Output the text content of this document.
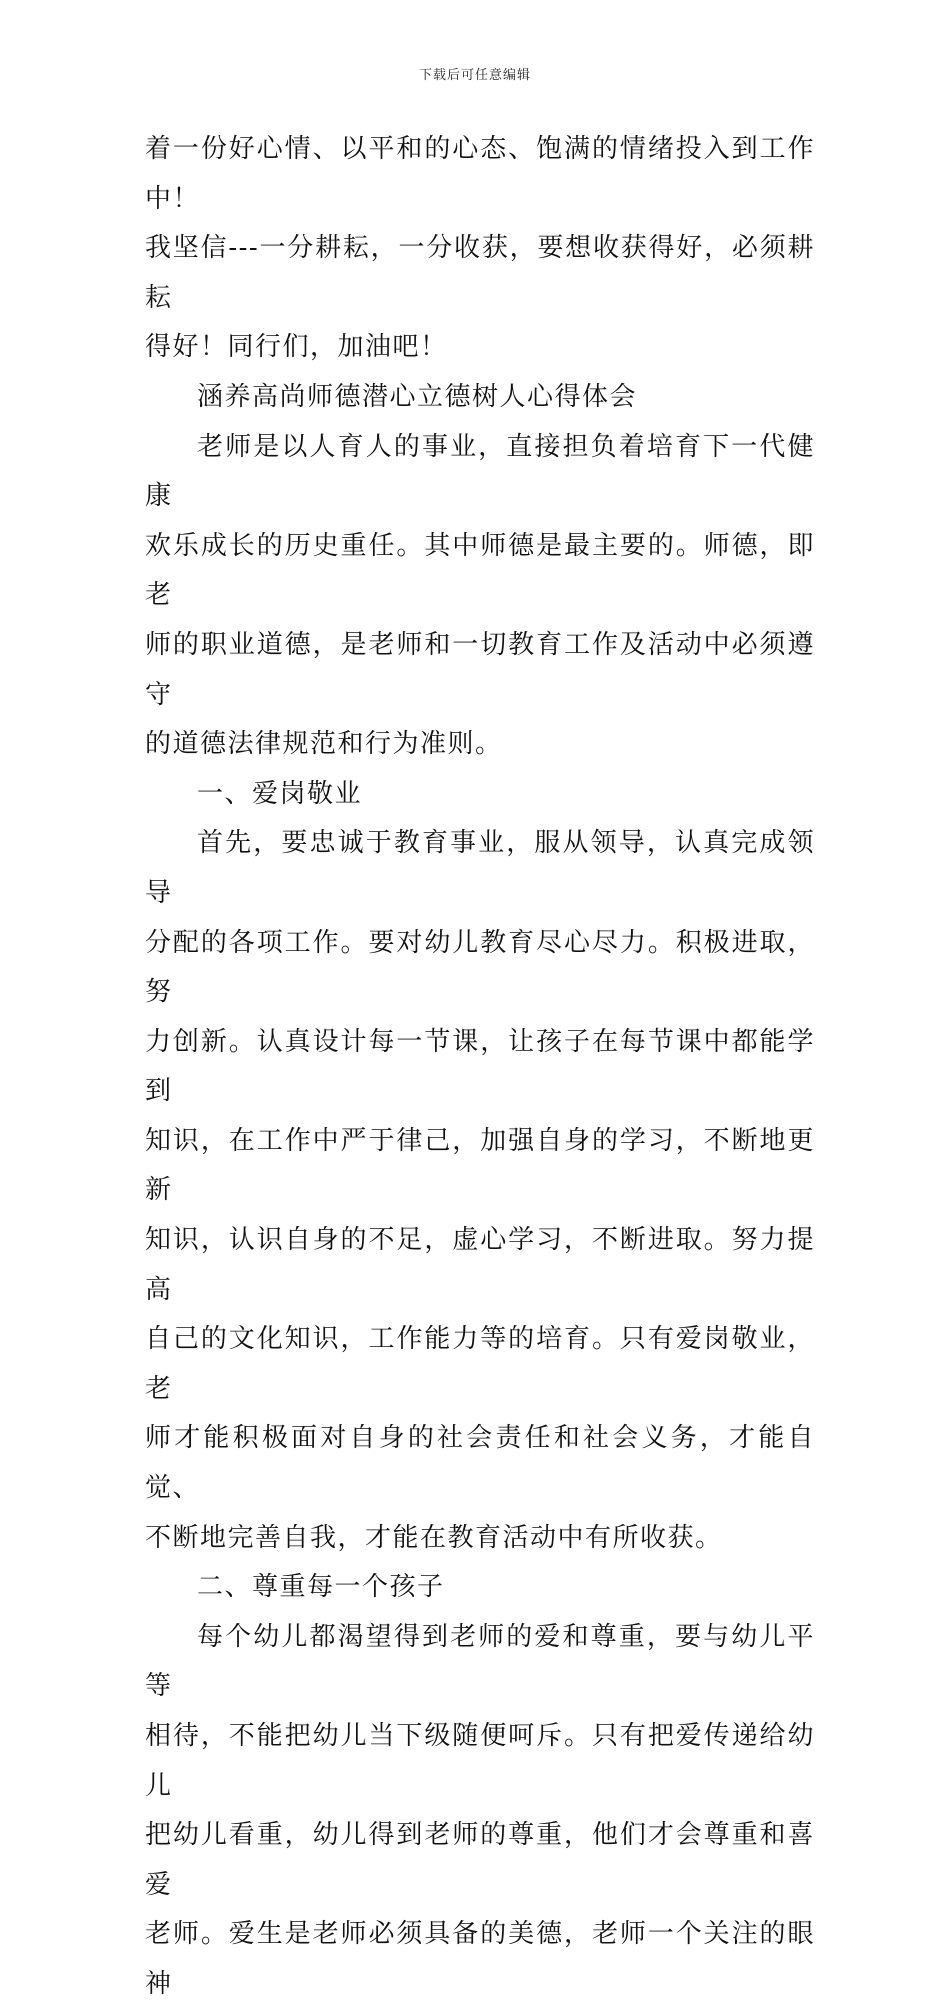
下载后可任意编辑

着一份好心情、以平和的心态、饱满的情绪投入到工作中！

我坚信---一分耕耘，一分收获，要想收获得好，必须耕耘

得好！同行们，加油吧！

涵养高尚师德潜心立德树人心得体会

老师是以人育人的事业，直接担负着培育下一代健康

欢乐成长的历史重任。其中师德是最主要的。师德，即老

师的职业道德，是老师和一切教育工作及活动中必须遵守

的道德法律规范和行为准则。

一、爱岗敬业

首先，要忠诚于教育事业，服从领导，认真完成领导

分配的各项工作。要对幼儿教育尽心尽力。积极进取，努

力创新。认真设计每一节课，让孩子在每节课中都能学到

知识，在工作中严于律己，加强自身的学习，不断地更新

知识，认识自身的不足，虚心学习，不断进取。努力提高

自己的文化知识，工作能力等的培育。只有爱岗敬业，老

师才能积极面对自身的社会责任和社会义务，才能自觉、

不断地完善自我，才能在教育活动中有所收获。

二、尊重每一个孩子

每个幼儿都渴望得到老师的爱和尊重，要与幼儿平等

相待，不能把幼儿当下级随便呵斥。只有把爱传递给幼儿

把幼儿看重，幼儿得到老师的尊重，他们才会尊重和喜爱

老师。爱生是老师必须具备的美德，老师一个关注的眼神
